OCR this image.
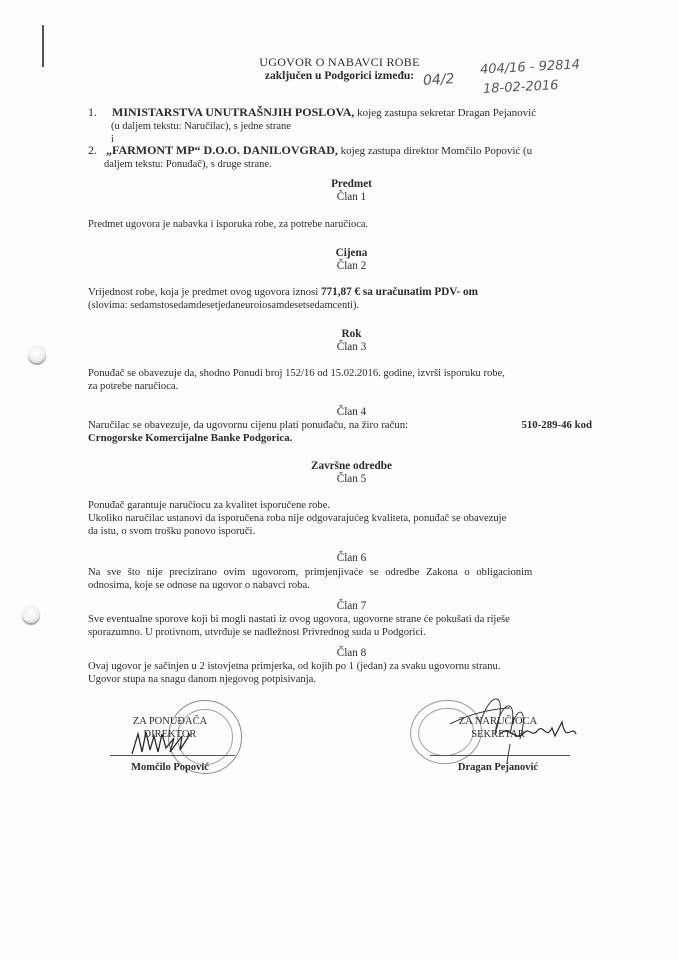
UGOVOR O NABAVCI ROBE
zaključen u Podgorici između: 04/2
404/16 - 92814
18-02-2016
1. MINISTARSTVA UNUTRAŠNJIH POSLOVA, kojeg zastupa sekretar Dragan Pejanović
(u daljem tekstu: Naručilac), s jedne strane
i
2. „FARMONT MP“ D.O.O. DANILOVGRAD, kojeg zastupa direktor Momčilo Popović (u
daljem tekstu: Ponuđač), s druge strane.
Predmet
Član 1
Predmet ugovora je nabavka i isporuka robe, za potrebe naručioca.
Cijena
Član 2
Vrijednost robe, koja je predmet ovog ugovora iznosi 771,87 € sa uračunatim PDV- om
(slovima: sedamstosedamdesetjedaneuroiosamdesetsedamcenti).
Rok
Član 3
Ponuđač se obavezuje da, shodno Ponudi broj 152/16 od 15.02.2016. godine, izvrši isporuku robe,
za potrebe naručioca.
Član 4
Naručilac se obavezuje, da ugovornu cijenu platí ponuđaču, na žiro račun:	510-289-46 kod
Crnogorske Komercijalne Banke Podgorica.
Završne odredbe
Član 5
Ponuđač garantuje naručiocu za kvalitet isporučene robe.
Ukoliko naručilac ustanovi da isporučena roba nije odgovarajućeg kvaliteta, ponuđač se obavezuje
da istu, o svom trošku ponovo isporuči.
Član 6
Na sve što nije precizirano ovim ugovorom, primjenjivaće se odredbe Zakona o obligacionim
odnosima, koje se odnose na ugovor o nabavci roba.
Član 7
Sve eventualne sporove koji bi mogli nastati iz ovog ugovora, ugovorne strane će pokušati da riješe
sporazumno. U protivnom, utvrđuje se nadležnost Privrednog suda u Podgorici.
Član 8
Ovaj ugovor je sačinjen u 2 istovjetna primjerka, od kojih po 1 (jedan) za svaku ugovornu stranu.
Ugovor stupa na snagu danom njegovog potpisivanja.
ZA PONUĐAČA
DIREKTOR
Momčilo Popović
ZA NARUČIOCA
SEKRETAR
Dragan Pejanović
